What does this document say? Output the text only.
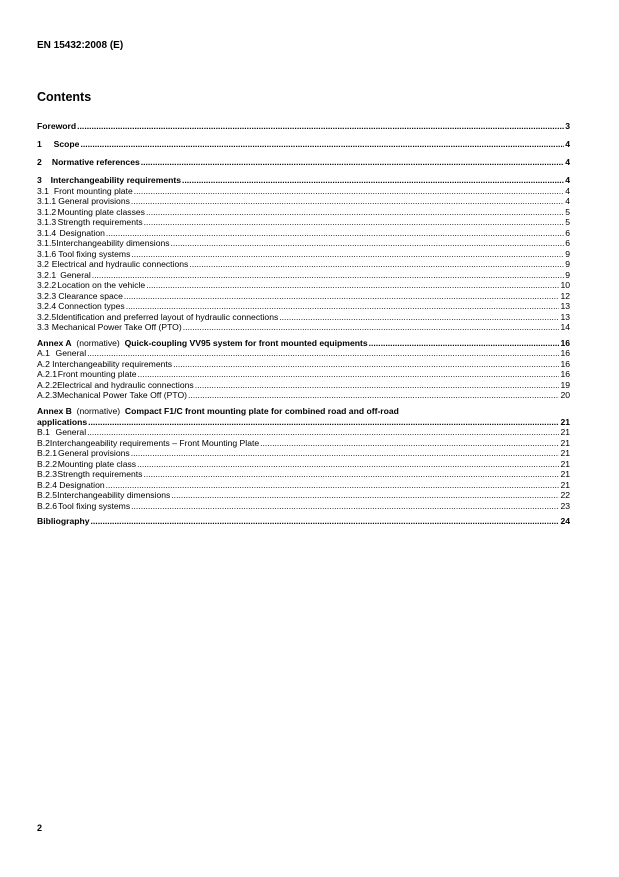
EN 15432:2008 (E)
Contents
Foreword .....	3
1	Scope .....	4
2 Normative references .....	4
3 Interchangeability requirements .....	4
3.1 Front mounting plate .....	4
3.1.1 General provisions .....	4
3.1.2 Mounting plate classes .....	5
3.1.3 Strength requirements .....	5
3.1.4 Designation .....	6
3.1.5 Interchangeability dimensions .....	6
3.1.6 Tool fixing systems .....	9
3.2 Electrical and hydraulic connections .....	9
3.2.1 General .....	9
3.2.2 Location on the vehicle .....	10
3.2.3 Clearance space .....	12
3.2.4 Connection types .....	13
3.2.5 Identification and preferred layout of hydraulic connections .....	13
3.3 Mechanical Power Take Off (PTO) .....	14
Annex A (normative) Quick-coupling VV95 system for front mounted equipments .....	16
A.1 General .....	16
A.2 Interchangeability requirements .....	16
A.2.1 Front mounting plate .....	16
A.2.2 Electrical and hydraulic connections .....	19
A.2.3 Mechanical Power Take Off (PTO) .....	20
Annex B (normative) Compact F1/C front mounting plate for combined road and off-road
applications .....	21
B.1 General .....	21
B.2 Interchangeability requirements – Front Mounting Plate .....	21
B.2.1 General provisions .....	21
B.2.2 Mounting plate class .....	21
B.2.3 Strength requirements .....	21
B.2.4 Designation .....	21
B.2.5 Interchangeability dimensions .....	22
B.2.6 Tool fixing systems .....	23
Bibliography .....	24
2
